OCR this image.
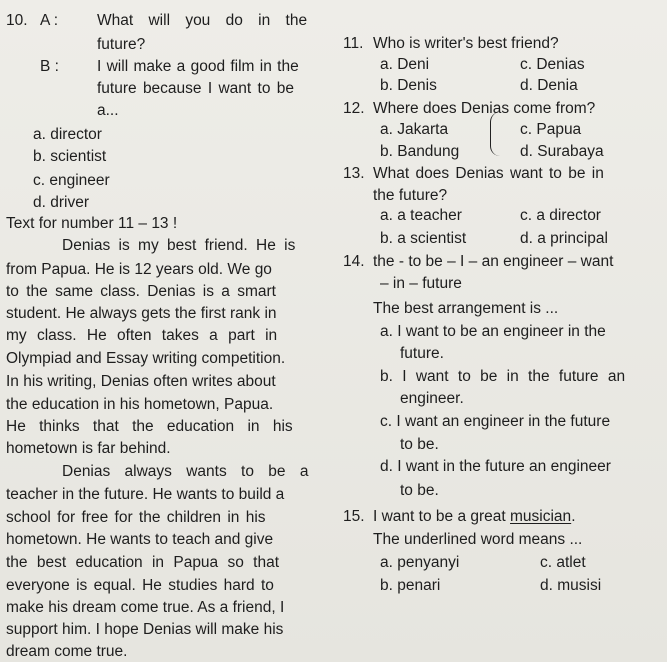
10. A :	What will you do in the
future?
B : I will make a good film in the
future because I want to be
a...
a. director
b. scientist
c. engineer
d. driver
Text for number 11 – 13 !
Denias is my best friend. He is
from Papua. He is 12 years old. We go
to the same class. Denias is a smart
student. He always gets the first rank in
my class. He often takes a part in
Olympiad and Essay writing competition.
In his writing, Denias often writes about
the education in his hometown, Papua.
He thinks that the education in his
hometown is far behind.
Denias always wants to be a
teacher in the future. He wants to build a
school for free for the children in his
hometown. He wants to teach and give
the best education in Papua so that
everyone is equal. He studies hard to
make his dream come true. As a friend, I
support him. I hope Denias will make his
dream come true.
11. Who is writer's best friend?
a. Deni	c. Denias
b. Denis	d. Denia
12. Where does Denias come from?
a. Jakarta	c. Papua
b. Bandung	d. Surabaya
13. What does Denias want to be in
the future?
a. a teacher	c. a director
b. a scientist	d. a principal
14. the - to be – I – an engineer – want
– in – future
The best arrangement is ...
a. I want to be an engineer in the
future.
b. I want to be in the future an
engineer.
c. I want an engineer in the future
to be.
d. I want in the future an engineer
to be.
15. I want to be a great musician.
The underlined word means ...
a. penyanyi	c. atlet
b. penari	d. musisi
